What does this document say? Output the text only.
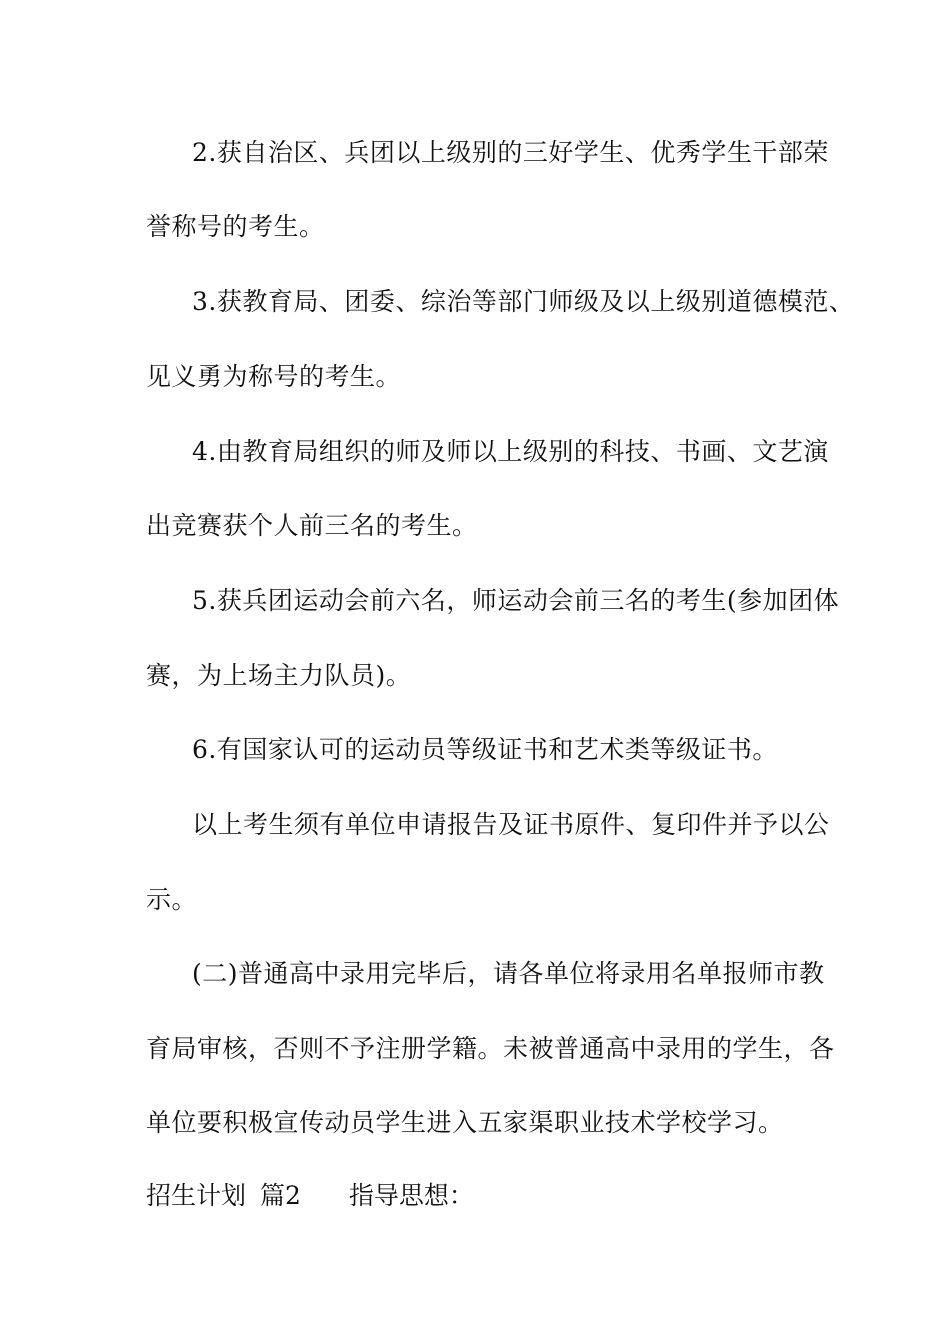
2.获自治区、兵团以上级别的三好学生、优秀学生干部荣
誉称号的考生。
3.获教育局、团委、综治等部门师级及以上级别道德模范、
见义勇为称号的考生。
4.由教育局组织的师及师以上级别的科技、书画、文艺演
出竞赛获个人前三名的考生。
5.获兵团运动会前六名，师运动会前三名的考生(参加团体
赛，为上场主力队员)。
6.有国家认可的运动员等级证书和艺术类等级证书。
以上考生须有单位申请报告及证书原件、复印件并予以公
示。
(二)普通高中录用完毕后，请各单位将录用名单报师市教
育局审核，否则不予注册学籍。未被普通高中录用的学生，各
单位要积极宣传动员学生进入五家渠职业技术学校学习。
招生计划 篇2 指导思想：
